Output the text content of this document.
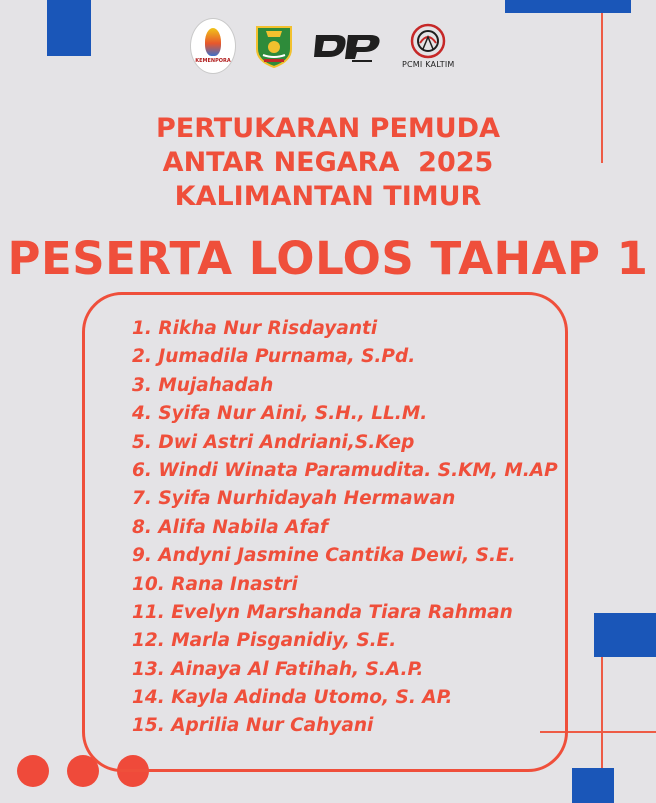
KEMENPORA	PCMI KALTIM
PERTUKARAN PEMUDA
ANTAR NEGARA  2025
KALIMANTAN TIMUR
PESERTA LOLOS TAHAP 1
1. Rikha Nur Risdayanti
2. Jumadila Purnama, S.Pd.
3. Mujahadah
4. Syifa Nur Aini, S.H., LL.M.
5. Dwi Astri Andriani,S.Kep
6. Windi Winata Paramudita. S.KM, M.AP
7. Syifa Nurhidayah Hermawan
8. Alifa Nabila Afaf
9. Andyni Jasmine Cantika Dewi, S.E.
10. Rana Inastri
11. Evelyn Marshanda Tiara Rahman
12. Marla Pisganidiy, S.E.
13. Ainaya Al Fatihah, S.A.P.
14. Kayla Adinda Utomo, S. AP.
15. Aprilia Nur Cahyani
